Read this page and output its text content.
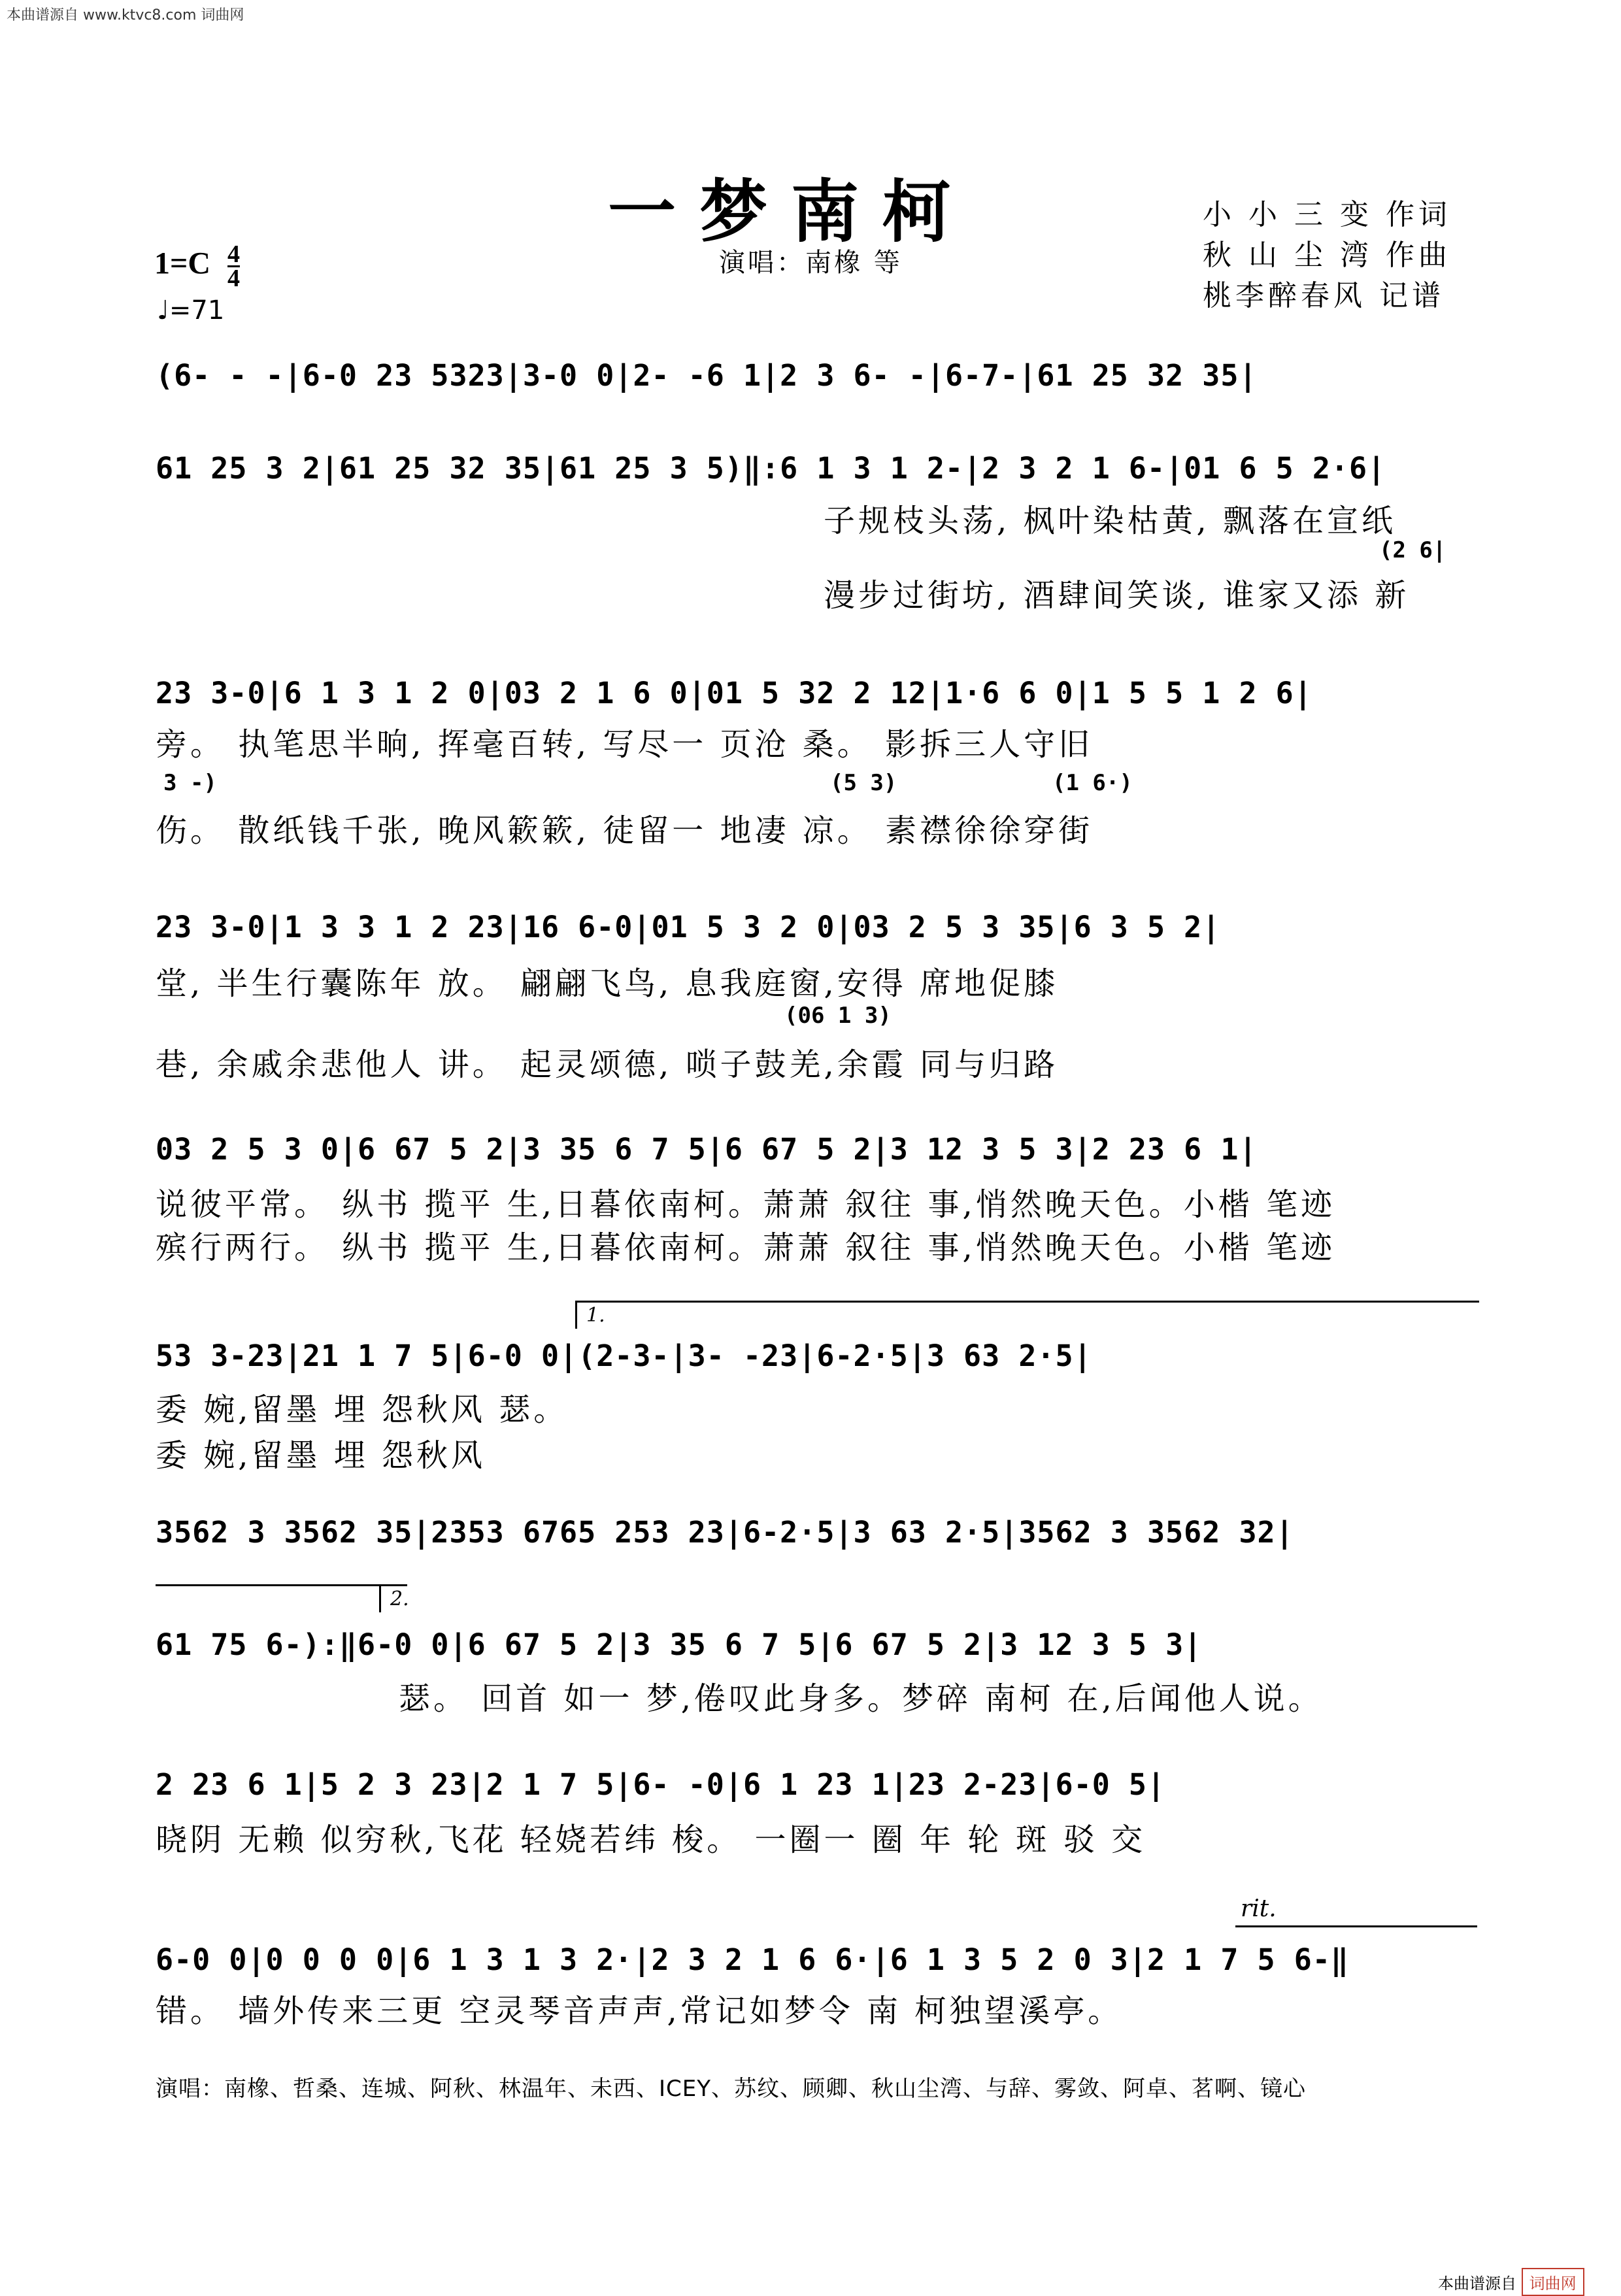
本曲谱源自 www.ktvc8.com 词曲网
一梦南柯
演唱：南橡 等
小 小 三 变 作词
秋 山 尘 湾 作曲
桃李醉春风 记谱
$1=C \frac{4}{4}$
♩=71
(6- - -|6-0 23 5323|3-0 0|2- -6 1|2 3 6- -|6-7-|61 25 32 35|
61 25 3 2|61 25 32 35|61 25 3 5)‖:6 1 3 1 2-|2 3 2 1 6-|01 6 5 2·6|
子规枝头荡, 枫叶染枯黄, 飘落在宣纸
(2 6|
漫步过街坊, 酒肆间笑谈, 谁家又添 新
23 3-0|6 1 3 1 2 0|03 2 1 6 0|01 5 32 2 12|1·6 6 0|1 5 5 1 2 6|
旁。 执笔思半晌, 挥毫百转, 写尽一 页沧 桑。 影拆三人守旧
3 -)	(5 3)	(1 6·)
伤。 散纸钱千张, 晚风簌簌, 徒留一 地凄 凉。 素襟徐徐穿街
23 3-0|1 3 3 1 2 23|16 6-0|01 5 3 2 0|03 2 5 3 35|6 3 5 2|
堂, 半生行囊陈年 放。 翩翩飞鸟, 息我庭窗,安得 席地促膝
(06 1 3)
巷, 余戚余悲他人 讲。 起灵颂德, 唢子鼓羌,余霞 同与归路
03 2 5 3 0|6 67 5 2|3 35 6 7 5|6 67 5 2|3 12 3 5 3|2 23 6 1|
说彼平常。 纵书 揽平 生,日暮依南柯。萧萧 叙往 事,悄然晚天色。小楷 笔迹
殡行两行。 纵书 揽平 生,日暮依南柯。萧萧 叙往 事,悄然晚天色。小楷 笔迹
1.
53 3-23|21 1 7 5|6-0 0|(2-3-|3- -23|6-2·5|3 63 2·5|
委 婉,留墨 埋 怨秋风 瑟。
委 婉,留墨 埋 怨秋风
3562 3 3562 35|2353 6765 253 23|6-2·5|3 63 2·5|3562 3 3562 32|
2.
61 75 6-):‖6-0 0|6 67 5 2|3 35 6 7 5|6 67 5 2|3 12 3 5 3|
瑟。 回首 如一 梦,倦叹此身多。梦碎 南柯 在,后闻他人说。
2 23 6 1|5 2 3 23|2 1 7 5|6- -0|6 1 23 1|23 2-23|6-0 5|
晓阴 无赖 似穷秋,飞花 轻娆若纬 梭。 一圈一 圈 年 轮 斑 驳 交
rit.
6-0 0|0 0 0 0|6 1 3 1 3 2·|2 3 2 1 6 6·|6 1 3 5 2 0 3|2 1 7 5 6-‖
错。 墙外传来三更 空灵琴音声声,常记如梦令 南 柯独望溪亭。
演唱：南橡、哲桑、连城、阿秋、林温年、未西、ICEY、苏纹、顾卿、秋山尘湾、与辞、雾敛、阿卓、茗啊、镜心
本曲谱源自 词曲网
